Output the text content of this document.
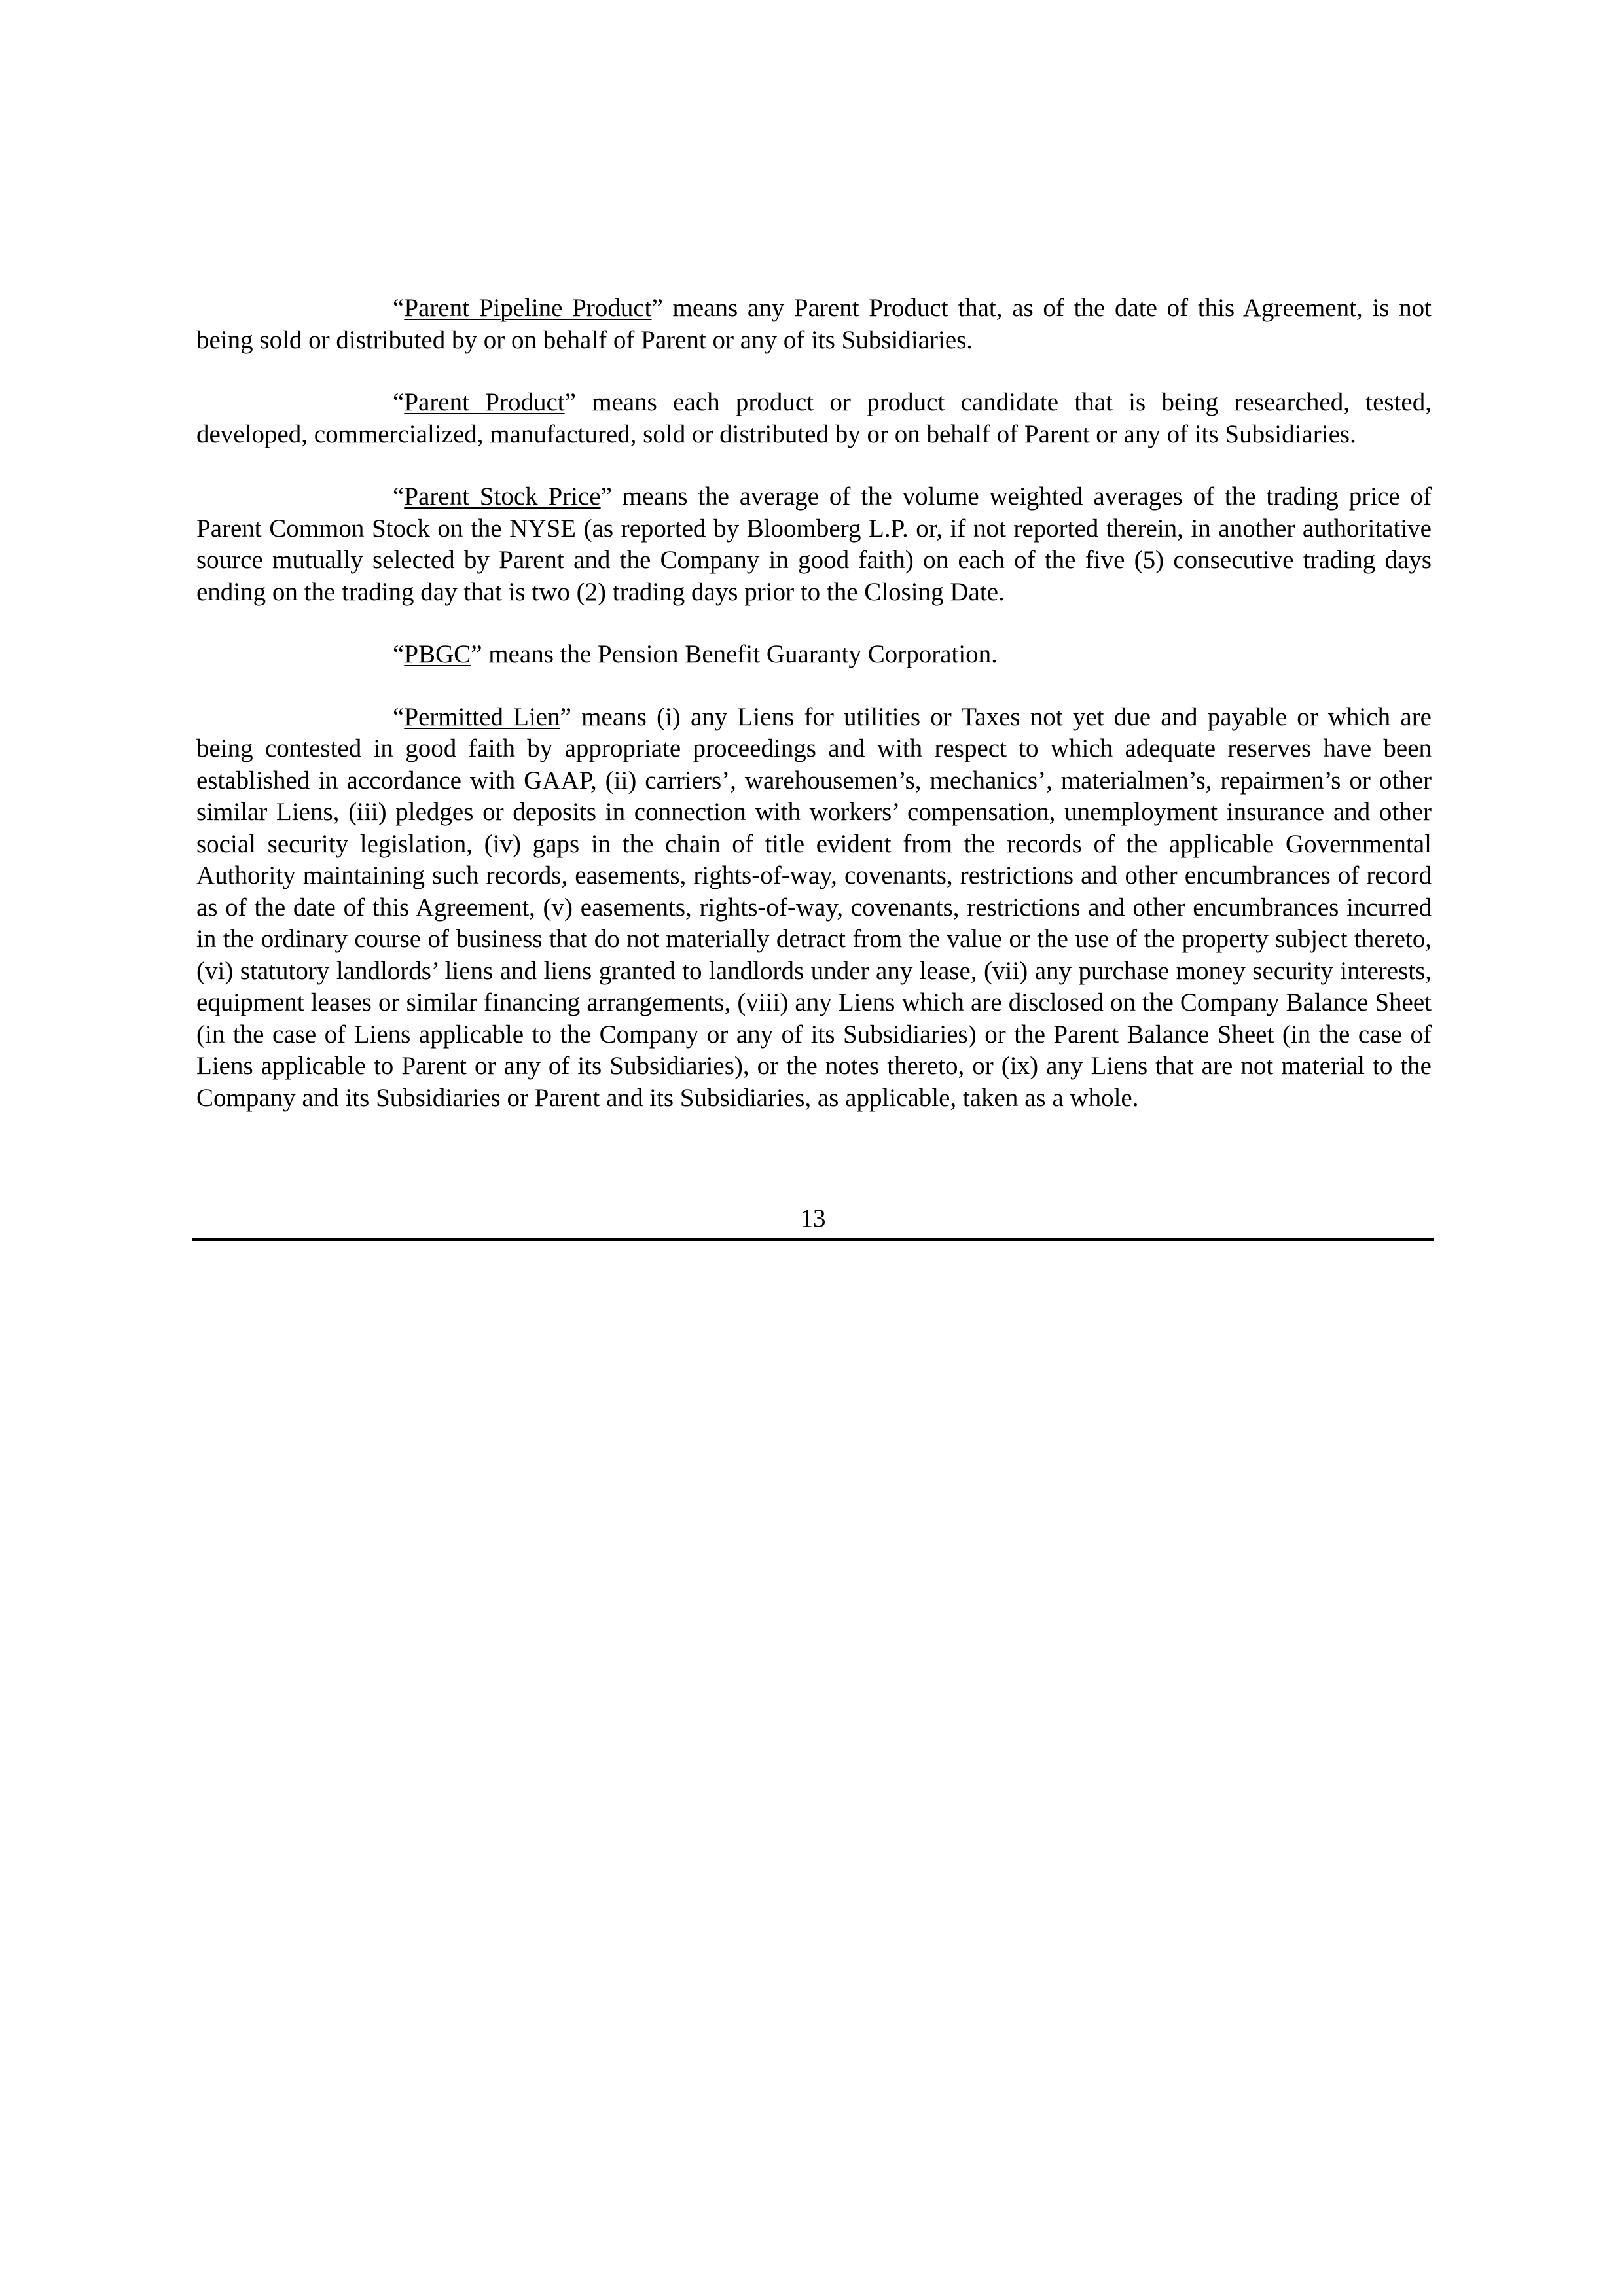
“Parent Pipeline Product” means any Parent Product that, as of the date of this Agreement, is not being sold or distributed by or on behalf of Parent or any of its Subsidiaries.

“Parent Product” means each product or product candidate that is being researched, tested, developed, commercialized, manufactured, sold or distributed by or on behalf of Parent or any of its Subsidiaries.

“Parent Stock Price” means the average of the volume weighted averages of the trading price of Parent Common Stock on the NYSE (as reported by Bloomberg L.P. or, if not reported therein, in another authoritative source mutually selected by Parent and the Company in good faith) on each of the five (5) consecutive trading days ending on the trading day that is two (2) trading days prior to the Closing Date.

“PBGC” means the Pension Benefit Guaranty Corporation.

“Permitted Lien” means (i) any Liens for utilities or Taxes not yet due and payable or which are being contested in good faith by appropriate proceedings and with respect to which adequate reserves have been established in accordance with GAAP, (ii) carriers’, warehousemen’s, mechanics’, materialmen’s, repairmen’s or other similar Liens, (iii) pledges or deposits in connection with workers’ compensation, unemployment insurance and other social security legislation, (iv) gaps in the chain of title evident from the records of the applicable Governmental Authority maintaining such records, easements, rights-of-way, covenants, restrictions and other encumbrances of record as of the date of this Agreement, (v) easements, rights-of-way, covenants, restrictions and other encumbrances incurred in the ordinary course of business that do not materially detract from the value or the use of the property subject thereto, (vi) statutory landlords’ liens and liens granted to landlords under any lease, (vii) any purchase money security interests, equipment leases or similar financing arrangements, (viii) any Liens which are disclosed on the Company Balance Sheet (in the case of Liens applicable to the Company or any of its Subsidiaries) or the Parent Balance Sheet (in the case of Liens applicable to Parent or any of its Subsidiaries), or the notes thereto, or (ix) any Liens that are not material to the Company and its Subsidiaries or Parent and its Subsidiaries, as applicable, taken as a whole.

13
